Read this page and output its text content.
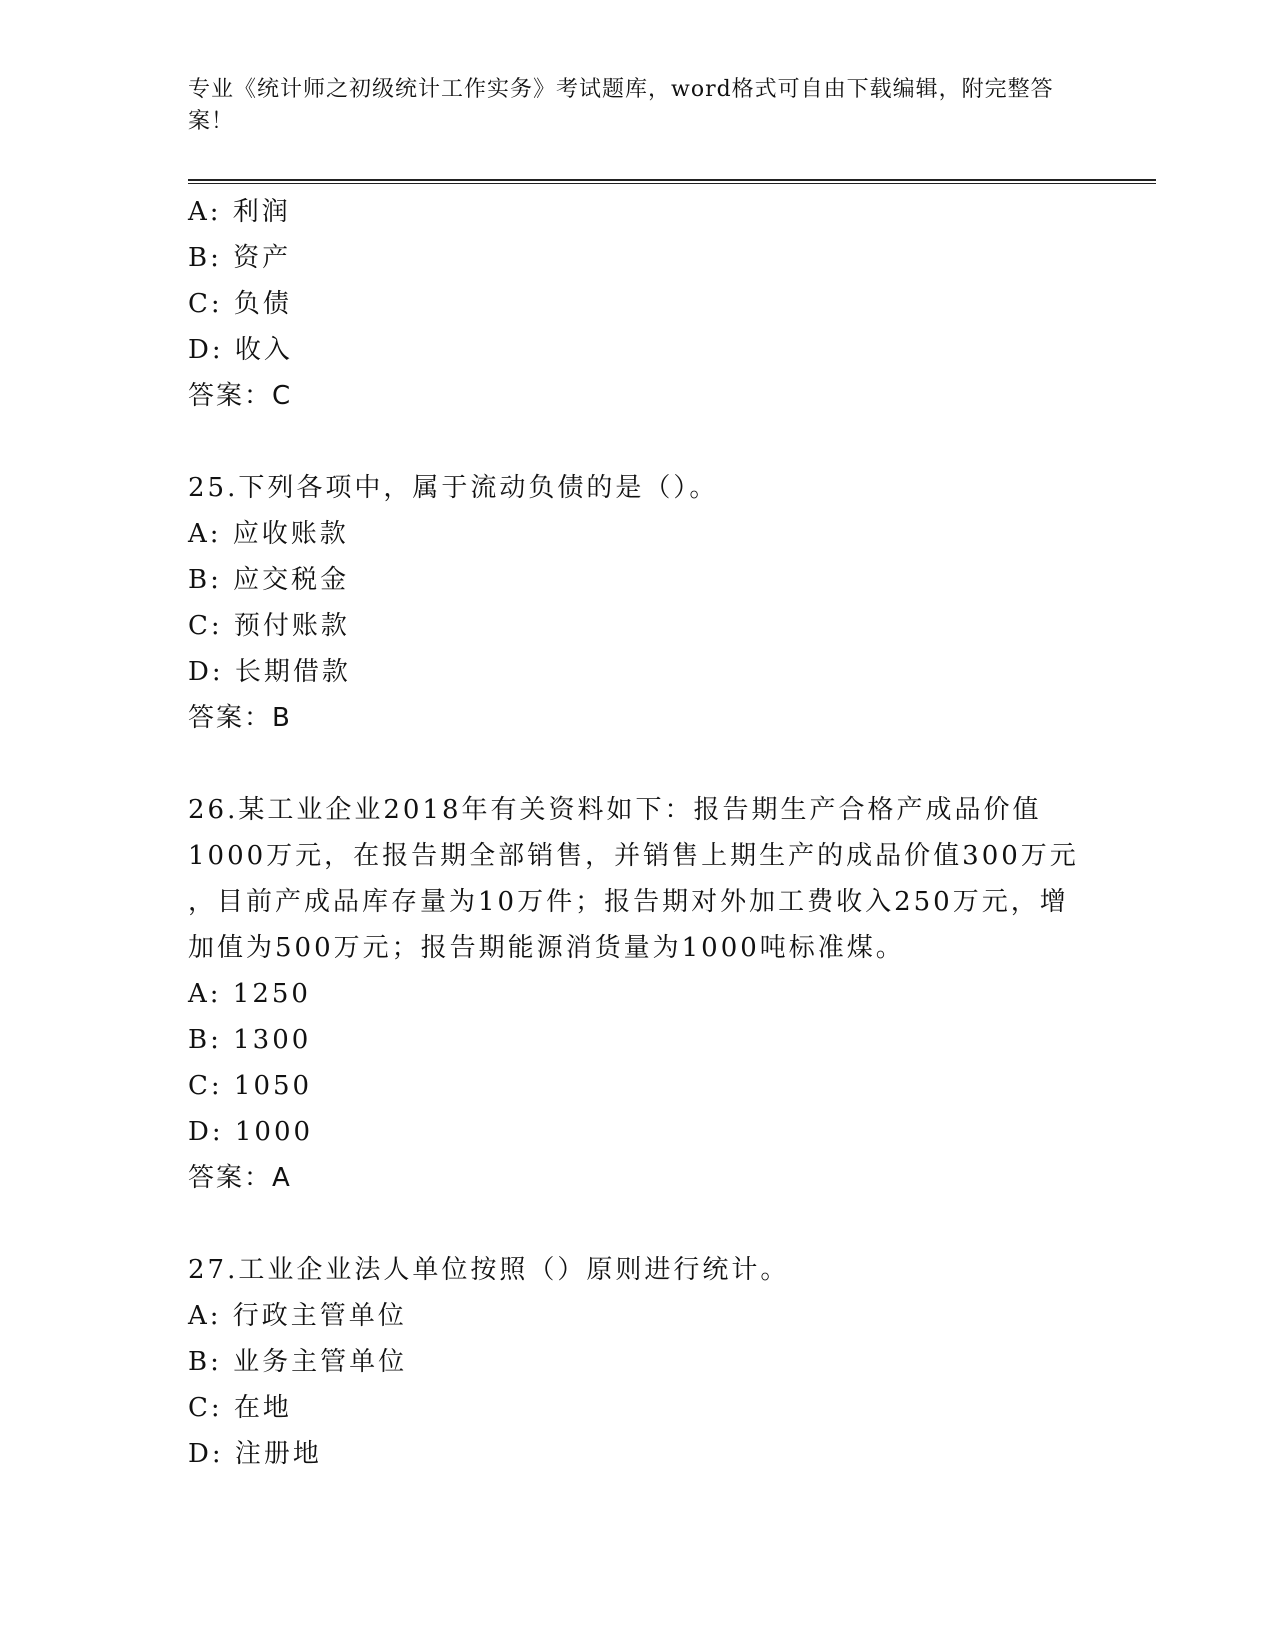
专业《统计师之初级统计工作实务》考试题库，word格式可自由下载编辑，附完整答案！
A: 利润
B: 资产
C: 负债
D: 收入
答案：C
25.下列各项中，属于流动负债的是（）。
A: 应收账款
B: 应交税金
C: 预付账款
D: 长期借款
答案：B
26.某工业企业2018年有关资料如下：报告期生产合格产成品价值
1000万元，在报告期全部销售，并销售上期生产的成品价值300万元
，目前产成品库存量为10万件；报告期对外加工费收入250万元，增
加值为500万元；报告期能源消货量为1000吨标准煤。
A: 1250
B: 1300
C: 1050
D: 1000
答案：A
27.工业企业法人单位按照（）原则进行统计。
A: 行政主管单位
B: 业务主管单位
C: 在地
D: 注册地
